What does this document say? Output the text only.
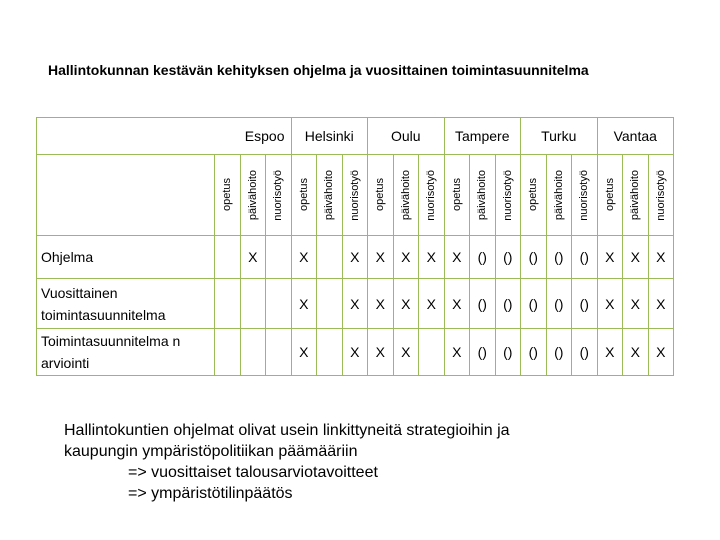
Hallintokunnan kestävän kehityksen ohjelma ja vuosittainen toimintasuunnitelma
Espoo				Helsinki			Oulu			Tampere			Turku			Vantaa		

	opetus	päivähoito	nuorisotyö	opetus	päivähoito	nuorisotyö	opetus	päivähoito	nuorisotyö	opetus	päivähoito	nuorisotyö	opetus	päivähoito	nuorisotyö	opetus	päivähoito	nuorisotyö

Ohjelma		X		X		X	X	X	X	X	()	()	()	()	()	X	X	X
Vuosittainen toimintasuunnitelma				X		X	X	X	X	X	()	()	()	()	()	X	X	X
Toimintasuunnitelma n arviointi				X		X	X	X		X	()	()	()	()	()	X	X	X
Hallintokuntien ohjelmat olivat usein linkittyneitä strategioihin ja
kaupungin ympäristöpolitiikan päämääriin
=> vuosittaiset talousarviotavoitteet
=> ympäristötilinpäätös
